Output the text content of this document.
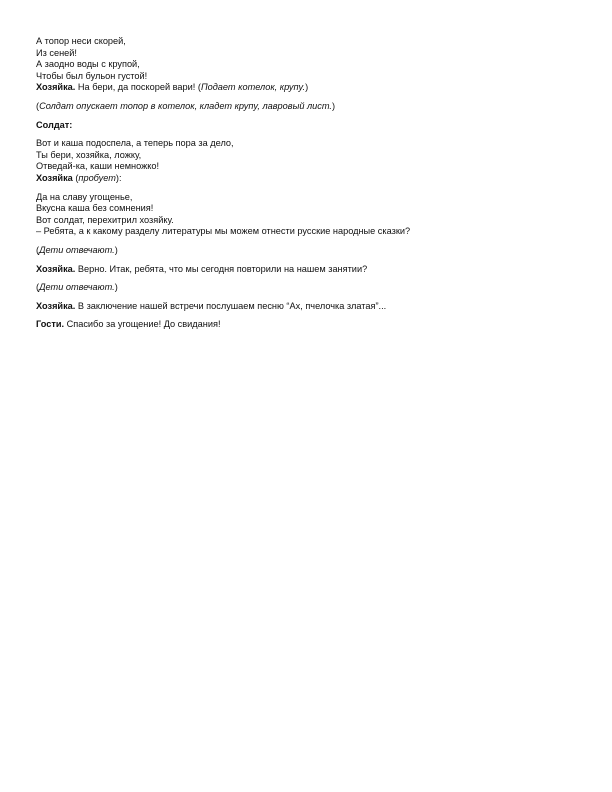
А топор неси скорей,
Из сеней!
А заодно воды с крупой,
Чтобы был бульон густой!
Хозяйка. На бери, да поскорей вари! (Подает котелок, крупу.)
(Солдат опускает топор в котелок, кладет крупу, лавровый лист.)
Солдат:
Вот и каша подоспела, а теперь пора за дело,
Ты бери, хозяйка, ложку,
Отведай-ка, каши немножко!
Хозяйка (пробует):
Да на славу угощенье,
Вкусна каша без сомнения!
Вот солдат, перехитрил хозяйку.
– Ребята, а к какому разделу литературы мы можем отнести русские народные сказки?
(Дети отвечают.)
Хозяйка. Верно. Итак, ребята, что мы сегодня повторили на нашем занятии?
(Дети отвечают.)
Хозяйка. В заключение нашей встречи послушаем песню “Ах, пчелочка златая”...
Гости. Спасибо за угощение! До свидания!
